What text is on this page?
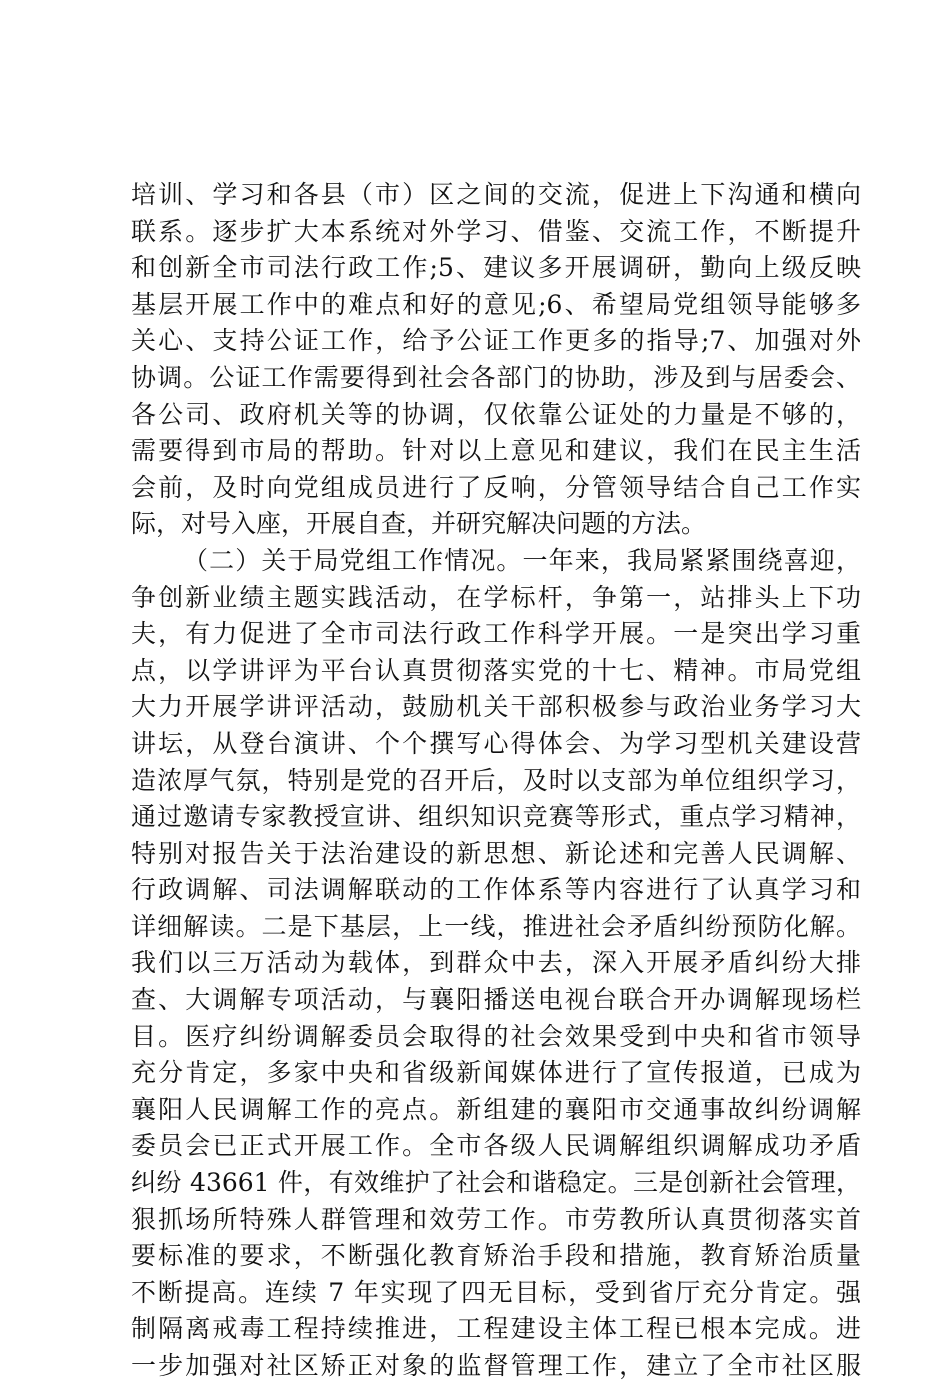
培训、学习和各县（市）区之间的交流，促进上下沟通和横向
联系。逐步扩大本系统对外学习、借鉴、交流工作，不断提升
和创新全市司法行政工作;5、建议多开展调研，勤向上级反映
基层开展工作中的难点和好的意见;6、希望局党组领导能够多
关心、支持公证工作，给予公证工作更多的指导;7、加强对外
协调。公证工作需要得到社会各部门的协助，涉及到与居委会、
各公司、政府机关等的协调，仅依靠公证处的力量是不够的，
需要得到市局的帮助。针对以上意见和建议，我们在民主生活
会前，及时向党组成员进行了反响，分管领导结合自己工作实
际，对号入座，开展自查，并研究解决问题的方法。
（二）关于局党组工作情况。一年来，我局紧紧围绕喜迎，
争创新业绩主题实践活动，在学标杆，争第一，站排头上下功
夫，有力促进了全市司法行政工作科学开展。一是突出学习重
点，以学讲评为平台认真贯彻落实党的十七、精神。市局党组
大力开展学讲评活动，鼓励机关干部积极参与政治业务学习大
讲坛，从登台演讲、个个撰写心得体会、为学习型机关建设营
造浓厚气氛，特别是党的召开后，及时以支部为单位组织学习，
通过邀请专家教授宣讲、组织知识竞赛等形式，重点学习精神，
特别对报告关于法治建设的新思想、新论述和完善人民调解、
行政调解、司法调解联动的工作体系等内容进行了认真学习和
详细解读。二是下基层，上一线，推进社会矛盾纠纷预防化解。
我们以三万活动为载体，到群众中去，深入开展矛盾纠纷大排
查、大调解专项活动，与襄阳播送电视台联合开办调解现场栏
目。医疗纠纷调解委员会取得的社会效果受到中央和省市领导
充分肯定，多家中央和省级新闻媒体进行了宣传报道，已成为
襄阳人民调解工作的亮点。新组建的襄阳市交通事故纠纷调解
委员会已正式开展工作。全市各级人民调解组织调解成功矛盾
纠纷 43661 件，有效维护了社会和谐稳定。三是创新社会管理，
狠抓场所特殊人群管理和效劳工作。市劳教所认真贯彻落实首
要标准的要求，不断强化教育矫治手段和措施，教育矫治质量
不断提高。连续 7 年实现了四无目标，受到省厅充分肯定。强
制隔离戒毒工程持续推进，工程建设主体工程已根本完成。进
一步加强对社区矫正对象的监督管理工作，建立了全市社区服
